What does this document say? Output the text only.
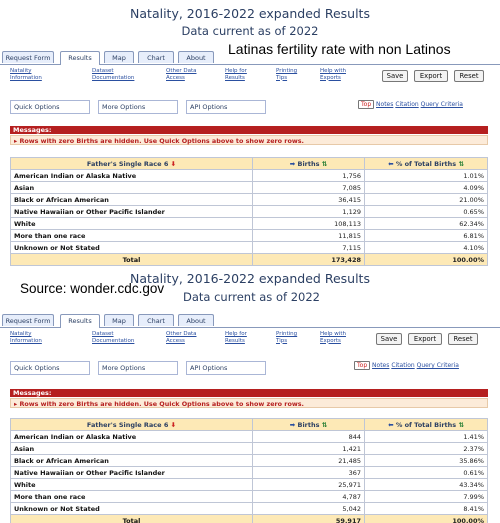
Natality, 2016-2022 expanded Results
Data current as of 2022
Latinas fertility rate with non Latinos
Request Form	Results	Map	Chart	About
Natality Information
Dataset Documentation
Other Data Access
Help for Results
Printing Tips
Help with Exports	Save	Export	Reset
Quick Options	More Options	API Options	Top Notes Citation Query Criteria
Messages:
▸ Rows with zero Births are hidden. Use Quick Options above to show zero rows.
Father's Single Race 6 ⬇	➡ Births ⇅	⬅ % of Total Births ⇅
American Indian or Alaska Native	1,756	1.01%
Asian	7,085	4.09%
Black or African American	36,415	21.00%
Native Hawaiian or Other Pacific Islander	1,129	0.65%
White	108,113	62.34%
More than one race	11,815	6.81%
Unknown or Not Stated	7,115	4.10%
Total	173,428	100.00%
Natality, 2016-2022 expanded Results
Source: wonder.cdc.gov
Data current as of 2022
Request Form	Results	Map	Chart	About
Natality Information
Dataset Documentation
Other Data Access
Help for Results
Printing Tips
Help with Exports	Save	Export	Reset
Quick Options	More Options	API Options	Top Notes Citation Query Criteria
Messages:
▸ Rows with zero Births are hidden. Use Quick Options above to show zero rows.
Father's Single Race 6 ⬇	➡ Births ⇅	⬅ % of Total Births ⇅
American Indian or Alaska Native	844	1.41%
Asian	1,421	2.37%
Black or African American	21,485	35.86%
Native Hawaiian or Other Pacific Islander	367	0.61%
White	25,971	43.34%
More than one race	4,787	7.99%
Unknown or Not Stated	5,042	8.41%
Total	59,917	100.00%
